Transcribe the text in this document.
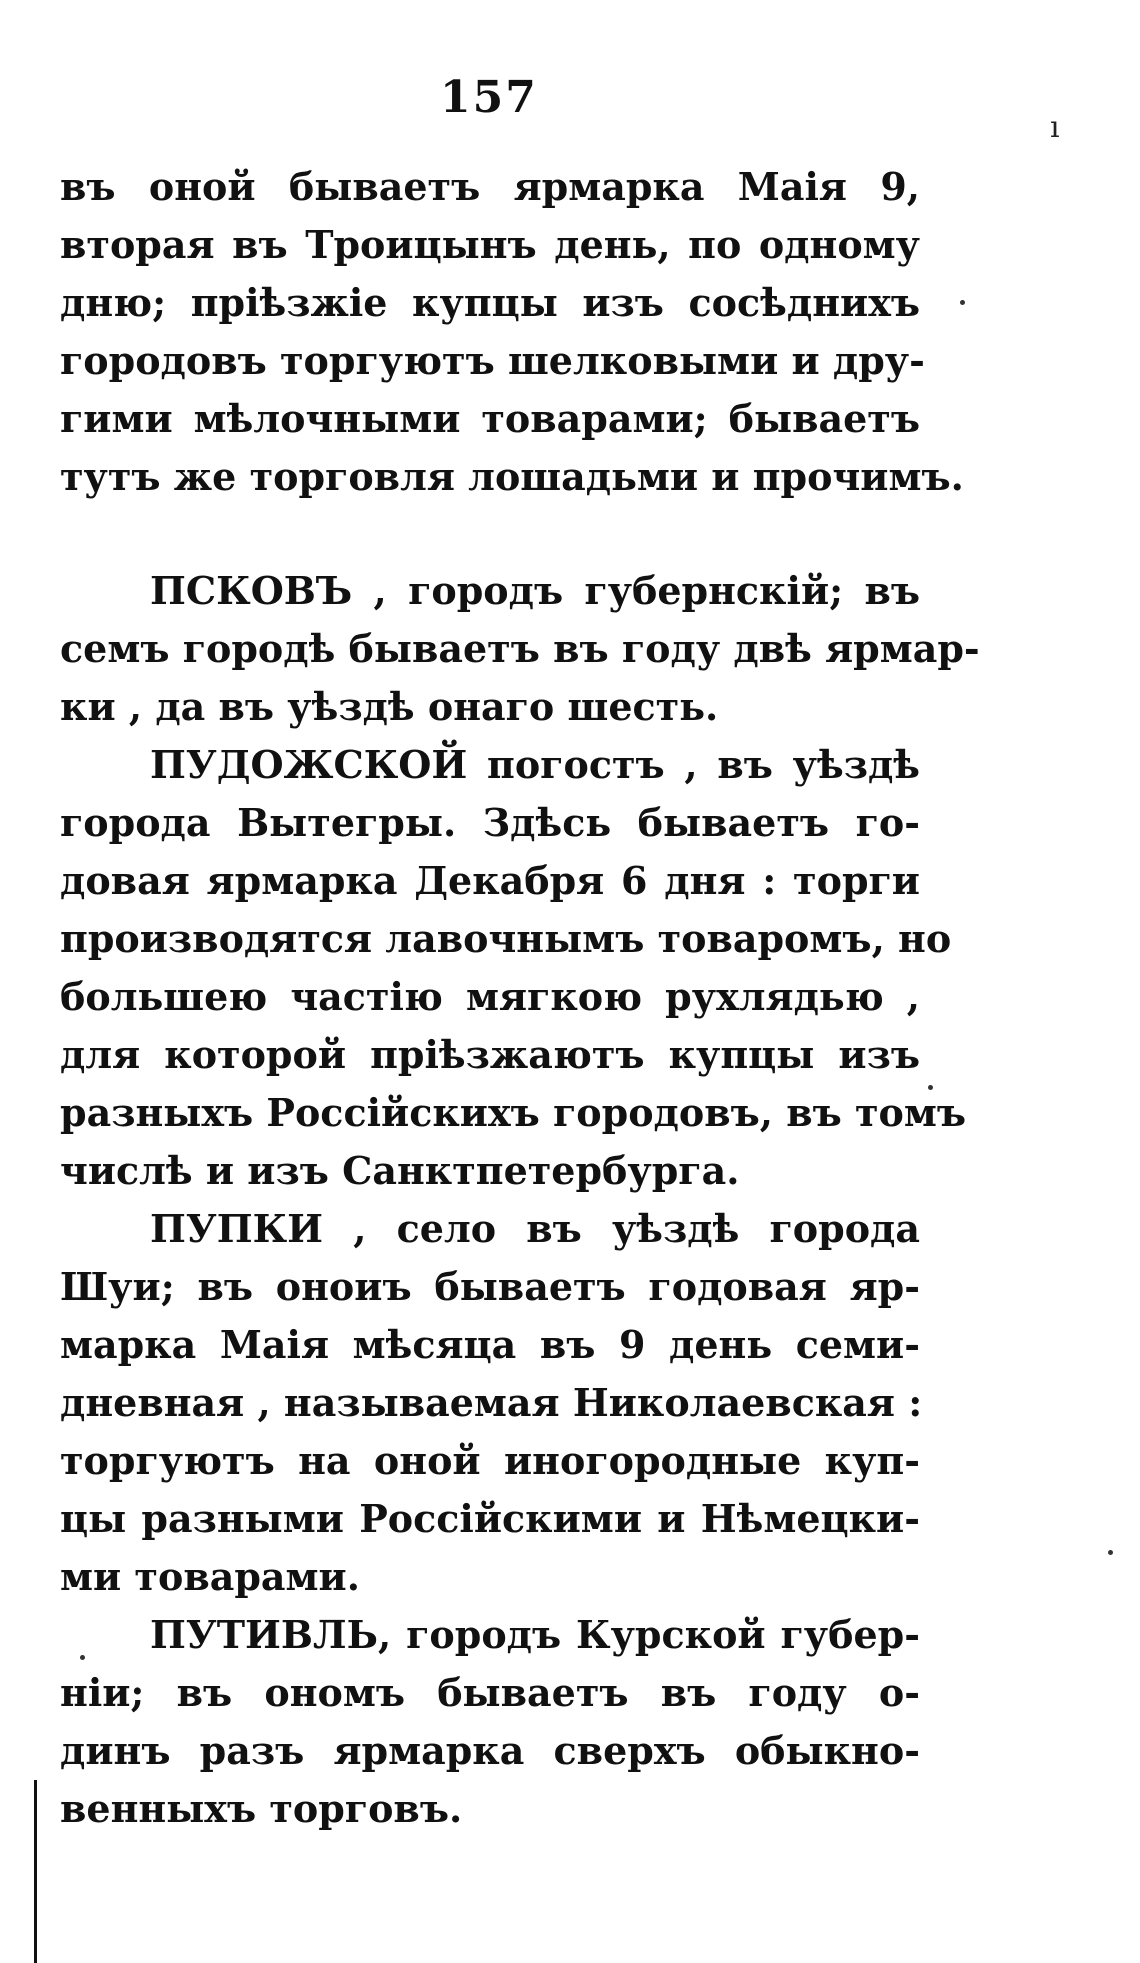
157
ı
въ оной бываетъ ярмарка Маія 9,
вторая въ Троицынъ день, по одному
дню; пріѣзжіе купцы изъ сосѣднихъ
городовъ торгуютъ шелковыми и дру-
гими мѣлочными товарами; бываетъ
тутъ же торговля лошадьми и прочимъ.
ПСКОВЪ , городъ губернскій; въ
семъ городѣ бываетъ въ году двѣ ярмар-
ки , да въ уѣздѣ онаго шесть.
ПУДОЖСКОЙ погостъ , въ уѣздѣ
города Вытегры. Здѣсь бываетъ го-
довая ярмарка Декабря 6 дня : торги
производятся лавочнымъ товаромъ, но
большею частію мягкою рухлядью ,
для которой пріѣзжаютъ купцы изъ
разныхъ Россійскихъ городовъ, въ томъ
числѣ и изъ Санктпетербурга.
ПУПКИ , село въ уѣздѣ города
Шуи; въ оноиъ бываетъ годовая яр-
марка Маія мѣсяца въ 9 день семи-
дневная , называемая Николаевская :
торгуютъ на оной иногородные куп-
цы разными Россійскими и Нѣмецки-
ми товарами.
ПУТИВЛЬ, городъ Курской губер-
ніи; въ ономъ бываетъ въ году о-
динъ разъ ярмарка сверхъ обыкно-
венныхъ торговъ.
